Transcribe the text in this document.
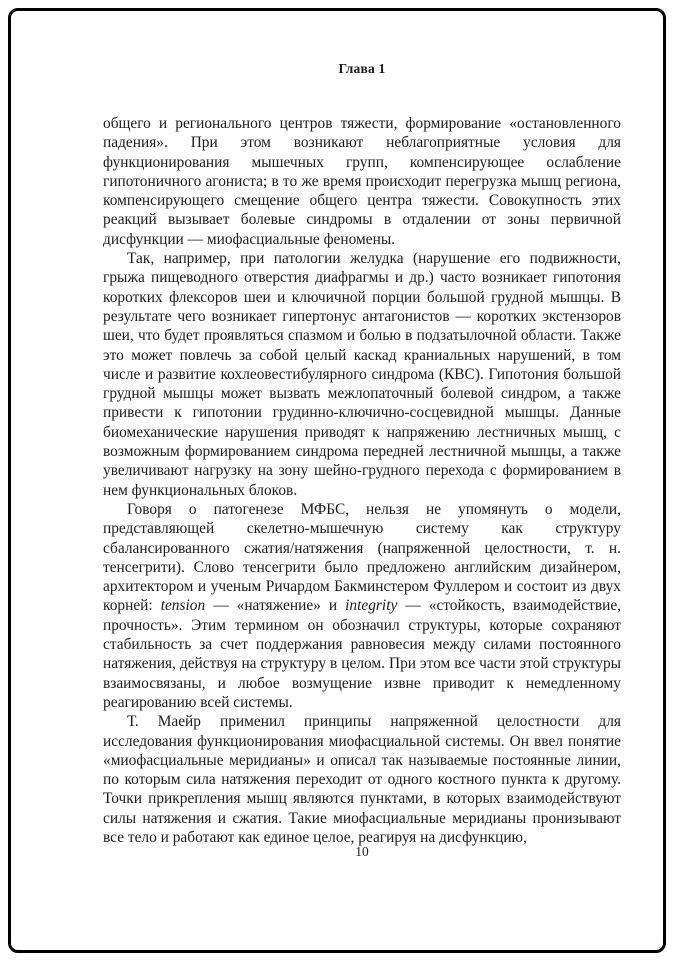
Глава 1

общего и регионального центров тяжести, формирование «остановленного падения». При этом возникают неблагоприятные условия для функционирования мышечных групп, компенсирующее ослабление гипотоничного агониста; в то же время происходит перегрузка мышц региона, компенсирующего смещение общего центра тяжести. Совокупность этих реакций вызывает болевые синдромы в отдалении от зоны первичной дисфункции — миофасциальные феномены.

Так, например, при патологии желудка (нарушение его подвижности, грыжа пищеводного отверстия диафрагмы и др.) часто возникает гипотония коротких флексоров шеи и ключичной порции большой грудной мышцы. В результате чего возникает гипертонус антагонистов — коротких экстензоров шеи, что будет проявляться спазмом и болью в подзатылочной области. Также это может повлечь за собой целый каскад краниальных нарушений, в том числе и развитие кохлеовестибулярного синдрома (КВС). Гипотония большой грудной мышцы может вызвать межлопаточный болевой синдром, а также привести к гипотонии грудинно-ключично-сосцевидной мышцы. Данные биомеханические нарушения приводят к напряжению лестничных мышц, с возможным формированием синдрома передней лестничной мышцы, а также увеличивают нагрузку на зону шейно-грудного перехода с формированием в нем функциональных блоков.

Говоря о патогенезе МФБС, нельзя не упомянуть о модели, представляющей скелетно-мышечную систему как структуру сбалансированного сжатия/натяжения (напряженной целостности, т. н. тенсегрити). Слово тенсегрити было предложено английским дизайнером, архитектором и ученым Ричардом Бакминстером Фуллером и состоит из двух корней: tension — «натяжение» и integrity — «стойкость, взаимодействие, прочность». Этим термином он обозначил структуры, которые сохраняют стабильность за счет поддержания равновесия между силами постоянного натяжения, действуя на структуру в целом. При этом все части этой структуры взаимосвязаны, и любое возмущение извне приводит к немедленному реагированию всей системы.

Т. Маейр применил принципы напряженной целостности для исследования функционирования миофасциальной системы. Он ввел понятие «миофасциальные меридианы» и описал так называемые постоянные линии, по которым сила натяжения переходит от одного костного пункта к другому. Точки прикрепления мышц являются пунктами, в которых взаимодействуют силы натяжения и сжатия. Такие миофасциальные меридианы пронизывают все тело и работают как единое целое, реагируя на дисфункцию,

10
